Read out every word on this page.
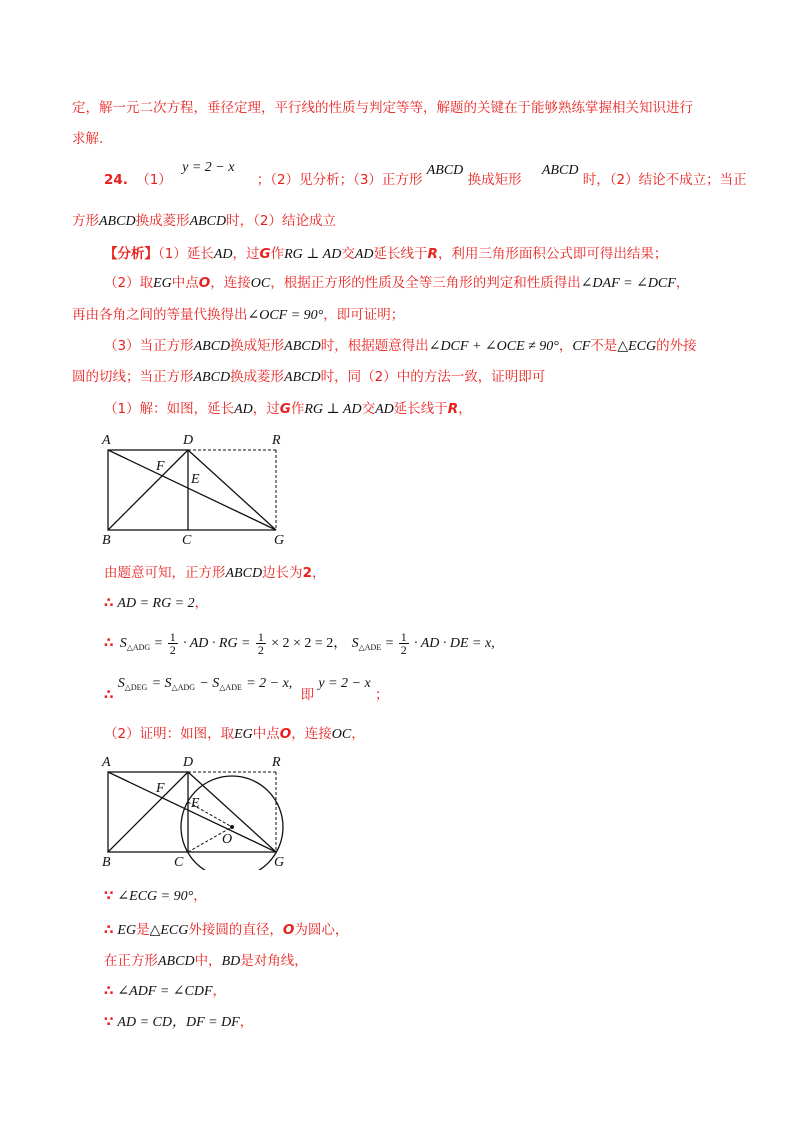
定，解一元二次方程，垂径定理，平行线的性质与判定等等，解题的关键在于能够熟练掌握相关知识进行
求解.
24. （1） y = 2 − x ；（2）见分析；（3）正方形 ABCD 换成矩形 ABCD 时，（2）结论不成立；当正
方形ABCD换成菱形ABCD时，（2）结论成立
【分析】（1）延长AD，过G作RG ⊥ AD交AD延长线于R，利用三角形面积公式即可得出结果；
（2）取EG中点O，连接OC，根据正方形的性质及全等三角形的判定和性质得出∠DAF = ∠DCF，
再由各角之间的等量代换得出∠OCF = 90°，即可证明；
（3）当正方形ABCD换成矩形ABCD时，根据题意得出∠DCF + ∠OCE ≠ 90°，CF不是△ECG的外接
圆的切线；当正方形ABCD换成菱形ABCD时，同（2）中的方法一致，证明即可
（1）解：如图，延长AD，过G作RG ⊥ AD交AD延长线于R，
A	D	R
F
E
B	C	G
由题意可知，正方形ABCD边长为2，
∴ AD = RG = 2，
∴ $S_{\triangle ADG} = \frac{1}{2}$ · AD · RG = $\frac{1}{2} \times 2 \times 2 = 2$， $S_{\triangle ADE} = \frac{1}{2}$ · AD · DE = x,
∴ $S_{\triangle DEG} = S_{\triangle ADG} - S_{\triangle ADE} = 2 - x$, 即 y = 2 − x ；
（2）证明：如图，取EG中点O，连接OC，
A	D	R
F
E
O
B	C	G
∵ ∠ECG = 90°，
∴ EG是△ECG外接圆的直径，O为圆心，
在正方形ABCD中，BD是对角线，
∴ ∠ADF = ∠CDF，
∵ AD = CD，DF = DF，
